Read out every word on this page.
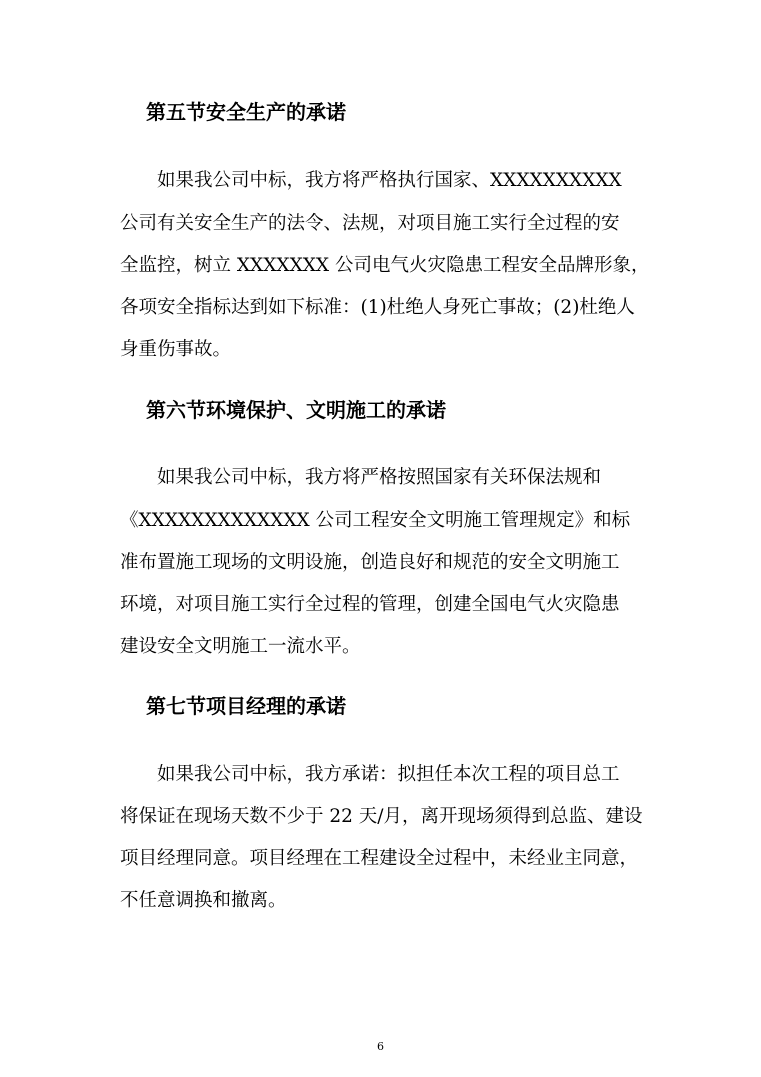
第五节安全生产的承诺

如果我公司中标，我方将严格执行国家、XXXXXXXXXX

公司有关安全生产的法令、法规，对项目施工实行全过程的安

全监控，树立 XXXXXXX 公司电气火灾隐患工程安全品牌形象，

各项安全指标达到如下标准：(1)杜绝人身死亡事故；(2)杜绝人

身重伤事故。

第六节环境保护、文明施工的承诺

如果我公司中标，我方将严格按照国家有关环保法规和

《XXXXXXXXXXXXX 公司工程安全文明施工管理规定》和标

准布置施工现场的文明设施，创造良好和规范的安全文明施工

环境，对项目施工实行全过程的管理，创建全国电气火灾隐患

建设安全文明施工一流水平。

第七节项目经理的承诺

如果我公司中标，我方承诺：拟担任本次工程的项目总工

将保证在现场天数不少于 22 天/月，离开现场须得到总监、建设

项目经理同意。项目经理在工程建设全过程中，未经业主同意，

不任意调换和撤离。

6
